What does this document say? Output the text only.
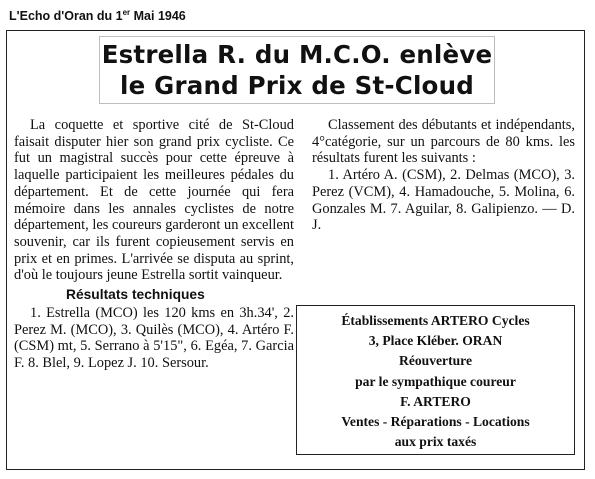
L'Echo d'Oran du 1er Mai 1946
Estrella R. du M.C.O. enlève
le Grand Prix de St-Cloud

La coquette et sportive cité de St-Cloud faisait disputer hier son grand prix cycliste. Ce fut un magistral succès pour cette épreuve à laquelle participaient les meilleures pédales du département. Et de cette journée qui fera mémoire dans les annales cyclistes de notre département, les coureurs garderont un excellent souvenir, car ils furent copieusement servis en prix et en primes. L'arrivée se disputa au sprint, d'où le toujours jeune Estrella sortit vainqueur.

Résultats techniques

1. Estrella (MCO) les 120 kms en 3h.34', 2. Perez M. (MCO), 3. Quilès (MCO), 4. Artéro F. (CSM) mt, 5. Serrano à 5'15", 6. Egéa, 7. Garcia F. 8. Blel, 9. Lopez J. 10. Sersour.

Classement des débutants et indépendants, 4°catégorie, sur un parcours de 80 kms. les résultats furent les suivants :

1. Artéro A. (CSM), 2. Delmas (MCO), 3. Perez (VCM), 4. Hamadouche, 5. Molina, 6. Gonzales M. 7. Aguilar, 8. Galipienzo. — D. J.

Établissements ARTERO Cycles
3, Place Kléber. ORAN
Réouverture
par le sympathique coureur
F. ARTERO
Ventes - Réparations - Locations
aux prix taxés
